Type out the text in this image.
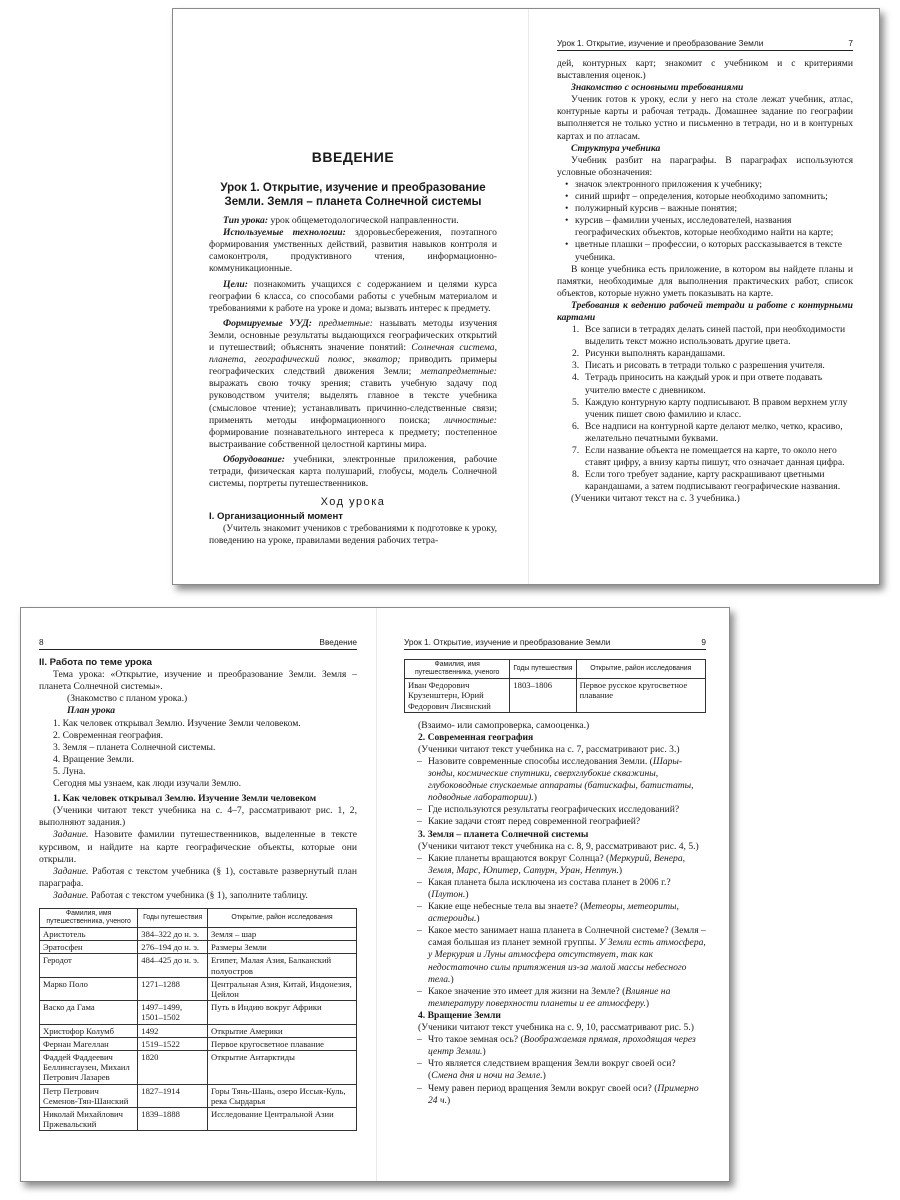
ВВЕДЕНИЕ
Урок 1. Открытие, изучение и преобразование
Земли. Земля – планета Солнечной системы

Тип урока: урок общеметодологической направленности.

Используемые технологии: здоровьесбережения, поэтапного формирования умственных действий, развития навыков контроля и самоконтроля, продуктивного чтения, информационно-коммуникационные.

Цели: познакомить учащихся с содержанием и целями курса географии 6 класса, со способами работы с учебным материалом и требованиями к работе на уроке и дома; вызвать интерес к предмету.

Формируемые УУД: предметные: называть методы изучения Земли, основные результаты выдающихся географических открытий и путешествий; объяснять значение понятий: Солнечная система, планета, географический полюс, экватор; приводить примеры географических следствий движения Земли; метапредметные: выражать свою точку зрения; ставить учебную задачу под руководством учителя; выделять главное в тексте учебника (смысловое чтение); устанавливать причинно-следственные связи; применять методы информационного поиска; личностные: формирование познавательного интереса к предмету; постепенное выстраивание собственной целостной картины мира.

Оборудование: учебники, электронные приложения, рабочие тетради, физическая карта полушарий, глобусы, модель Солнечной системы, портреты путешественников.

Ход урока

I. Организационный момент

(Учитель знакомит учеников с требованиями к подготовке к уроку, поведению на уроке, правилами ведения рабочих тетра-

Урок 1. Открытие, изучение и преобразование Земли	7

дей, контурных карт; знакомит с учебником и с критериями выставления оценок.)

Знакомство с основными требованиями

Ученик готов к уроку, если у него на столе лежат учебник, атлас, контурные карты и рабочая тетрадь. Домашнее задание по географии выполняется не только устно и письменно в тетради, но и в контурных картах и по атласам.

Структура учебника

Учебник разбит на параграфы. В параграфах используются условные обозначения:

• значок электронного приложения к учебнику;
• синий шрифт – определения, которые необходимо запомнить;
• полужирный курсив – важные понятия;
• курсив – фамилии ученых, исследователей, названия географических объектов, которые необходимо найти на карте;
• цветные плашки – профессии, о которых рассказывается в тексте учебника.

В конце учебника есть приложение, в котором вы найдете планы и памятки, необходимые для выполнения практических работ, список объектов, которые нужно уметь показывать на карте.

Требования к ведению рабочей тетради и работе с контурными картами

1. Все записи в тетрадях делать синей пастой, при необходимости выделить текст можно использовать другие цвета.
2. Рисунки выполнять карандашами.
3. Писать и рисовать в тетради только с разрешения учителя.
4. Тетрадь приносить на каждый урок и при ответе подавать учителю вместе с дневником.
5. Каждую контурную карту подписывают. В правом верхнем углу ученик пишет свою фамилию и класс.
6. Все надписи на контурной карте делают мелко, четко, красиво, желательно печатными буквами.
7. Если название объекта не помещается на карте, то около него ставят цифру, а внизу карты пишут, что означает данная цифра.
8. Если того требует задание, карту раскрашивают цветными карандашами, а затем подписывают географические названия.

(Ученики читают текст на с. 3 учебника.)

8	Введение

II. Работа по теме урока

Тема урока: «Открытие, изучение и преобразование Земли. Земля – планета Солнечной системы».

(Знакомство с планом урока.)

План урока

1. Как человек открывал Землю. Изучение Земли человеком.

2. Современная география.

3. Земля – планета Солнечной системы.

4. Вращение Земли.

5. Луна.

Сегодня мы узнаем, как люди изучали Землю.

1. Как человек открывал Землю. Изучение Земли человеком

(Ученики читают текст учебника на с. 4–7, рассматривают рис. 1, 2, выполняют задания.)

Задание. Назовите фамилии путешественников, выделенные в тексте курсивом, и найдите на карте географические объекты, которые они открыли.

Задание. Работая с текстом учебника (§ 1), составьте развернутый план параграфа.

Задание. Работая с текстом учебника (§ 1), заполните таблицу.

Фамилия, имя путешественника, ученого	Годы путешествия	Открытие, район исследования
Аристотель	384–322 до н. э.	Земля – шар
Эратосфен	276–194 до н. э.	Размеры Земли
Геродот	484–425 до н. э.	Египет, Малая Азия, Балканский полуостров
Марко Поло	1271–1288	Центральная Азия, Китай, Индонезия, Цейлон
Васко да Гама	1497–1499, 1501–1502	Путь в Индию вокруг Африки
Христофор Колумб	1492	Открытие Америки
Фернан Магеллан	1519–1522	Первое кругосветное плавание
Фаддей Фаддеевич Беллинсгаузен, Михаил Петрович Лазарев	1820	Открытие Антарктиды
Петр Петрович Семенов-Тян-Шанский	1827–1914	Горы Тянь-Шань, озеро Иссык-Куль, река Сырдарья
Николай Михайлович Пржевальский	1839–1888	Исследование Центральной Азии
Урок 1. Открытие, изучение и преобразование Земли	9
Фамилия, имя путешественника, ученого	Годы путешествия	Открытие, район исследования
Иван Федорович Крузенштерн, Юрий Федорович Лисянский	1803–1806	Первое русское кругосветное плавание

(Взаимо- или самопроверка, самооценка.)

2. Современная география

(Ученики читают текст учебника на с. 7, рассматривают рис. 3.)

– Назовите современные способы исследования Земли. (Шары-зонды, космические спутники, сверхглубокие скважины, глубоководные спускаемые аппараты (батискафы, батистаты, подводные лаборатории).)
– Где используются результаты географических исследований?
– Какие задачи стоят перед современной географией?

3. Земля – планета Солнечной системы

(Ученики читают текст учебника на с. 8, 9, рассматривают рис. 4, 5.)

– Какие планеты вращаются вокруг Солнца? (Меркурий, Венера, Земля, Марс, Юпитер, Сатурн, Уран, Нептун.)
– Какая планета была исключена из состава планет в 2006 г.? (Плутон.)
– Какие еще небесные тела вы знаете? (Метеоры, метеориты, астероиды.)
– Какое место занимает наша планета в Солнечной системе? (Земля – самая большая из планет земной группы. У Земли есть атмосфера, у Меркурия и Луны атмосфера отсутствует, так как недостаточно силы притяжения из-за малой массы небесного тела.)
– Какое значение это имеет для жизни на Земле? (Влияние на температуру поверхности планеты и ее атмосферу.)

4. Вращение Земли

(Ученики читают текст учебника на с. 9, 10, рассматривают рис. 5.)

– Что такое земная ось? (Воображаемая прямая, проходящая через центр Земли.)
– Что является следствием вращения Земли вокруг своей оси? (Смена дня и ночи на Земле.)
– Чему равен период вращения Земли вокруг своей оси? (Примерно 24 ч.)
